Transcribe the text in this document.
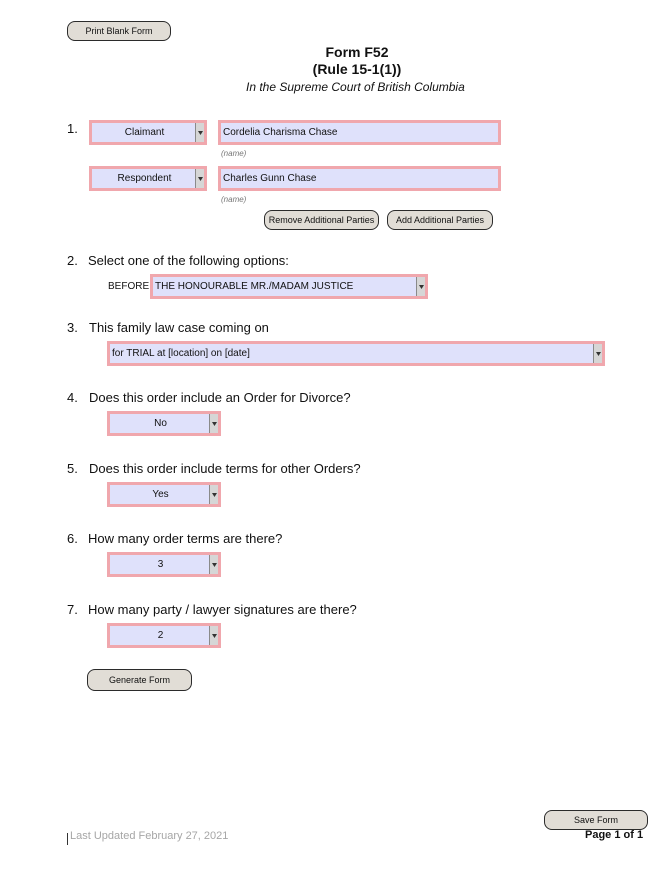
Print Blank Form
Form F52
(Rule 15-1(1))
In the Supreme Court of British Columbia
1.	Claimant	Cordelia Charisma Chase
(name)
Respondent	Charles Gunn Chase
(name)
Remove Additional Parties Add Additional Parties
2. Select one of the following options:
BEFORE THE HONOURABLE MR./MADAM JUSTICE
3. This family law case coming on
for TRIAL at [location] on [date]
4. Does this order include an Order for Divorce?
No
5. Does this order include terms for other Orders?
Yes
6. How many order terms are there?
3
7. How many party / lawyer signatures are there?
2
Generate Form
Last Updated February 27, 2021
Save Form
Page 1 of 1
